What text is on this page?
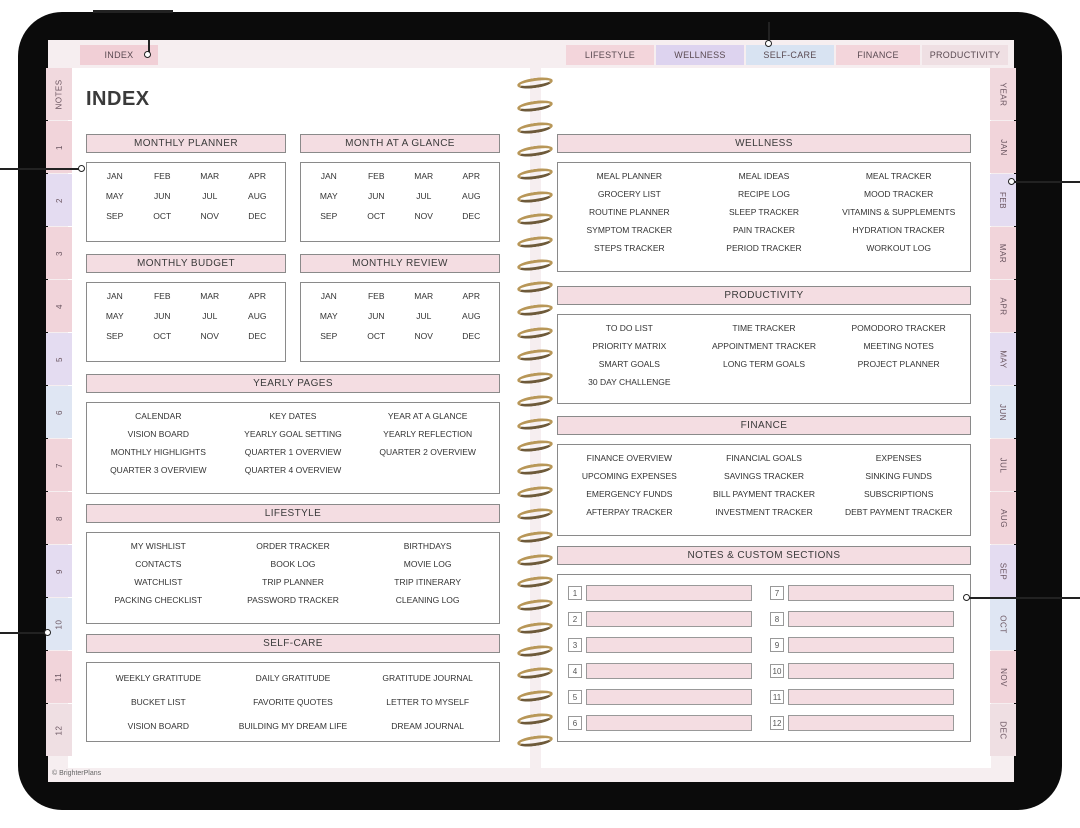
INDEX	LIFESTYLE	WELLNESS	SELF-CARE	FINANCE	PRODUCTIVITY
INDEX
MONTHLY PLANNER
JAN	FEB	MAR	APR
MAY	JUN	JUL	AUG
SEP	OCT	NOV	DEC
MONTH AT A GLANCE
JAN	FEB	MAR	APR
MAY	JUN	JUL	AUG
SEP	OCT	NOV	DEC
MONTHLY BUDGET
JAN	FEB	MAR	APR
MAY	JUN	JUL	AUG
SEP	OCT	NOV	DEC
MONTHLY REVIEW
JAN	FEB	MAR	APR
MAY	JUN	JUL	AUG
SEP	OCT	NOV	DEC
YEARLY PAGES
CALENDAR	KEY DATES	YEAR AT A GLANCE
VISION BOARD	YEARLY GOAL SETTING	YEARLY REFLECTION
MONTHLY HIGHLIGHTS	QUARTER 1 OVERVIEW	QUARTER 2 OVERVIEW
QUARTER 3 OVERVIEW	QUARTER 4 OVERVIEW

LIFESTYLE
MY WISHLIST	ORDER TRACKER	BIRTHDAYS
CONTACTS	BOOK LOG	MOVIE LOG
WATCHLIST	TRIP PLANNER	TRIP ITINERARY
PACKING CHECKLIST	PASSWORD TRACKER	CLEANING LOG
SELF-CARE
WEEKLY GRATITUDE	DAILY GRATITUDE	GRATITUDE JOURNAL
BUCKET LIST	FAVORITE QUOTES	LETTER TO MYSELF
VISION BOARD	BUILDING MY DREAM LIFE	DREAM JOURNAL
WELLNESS
MEAL PLANNER	MEAL IDEAS	MEAL TRACKER
GROCERY LIST	RECIPE LOG	MOOD TRACKER
ROUTINE PLANNER	SLEEP TRACKER	VITAMINS & SUPPLEMENTS
SYMPTOM TRACKER	PAIN TRACKER	HYDRATION TRACKER
STEPS TRACKER	PERIOD TRACKER	WORKOUT LOG
PRODUCTIVITY
TO DO LIST	TIME TRACKER	POMODORO TRACKER
PRIORITY MATRIX	APPOINTMENT TRACKER	MEETING NOTES
SMART GOALS	LONG TERM GOALS	PROJECT PLANNER
30 DAY CHALLENGE

FINANCE
FINANCE OVERVIEW	FINANCIAL GOALS	EXPENSES
UPCOMING EXPENSES	SAVINGS TRACKER	SINKING FUNDS
EMERGENCY FUNDS	BILL PAYMENT TRACKER	SUBSCRIPTIONS
AFTERPAY TRACKER	INVESTMENT TRACKER	DEBT PAYMENT TRACKER
NOTES & CUSTOM SECTIONS
1	7
2	8
3	9
4	10
5	11
6	12
© BrighterPlans
NOTES
1
2
3
4
5
6
7
8
9
10
11
12
YEAR
JAN
FEB
MAR
APR
MAY
JUN
JUL
AUG
SEP
OCT
NOV
DEC
